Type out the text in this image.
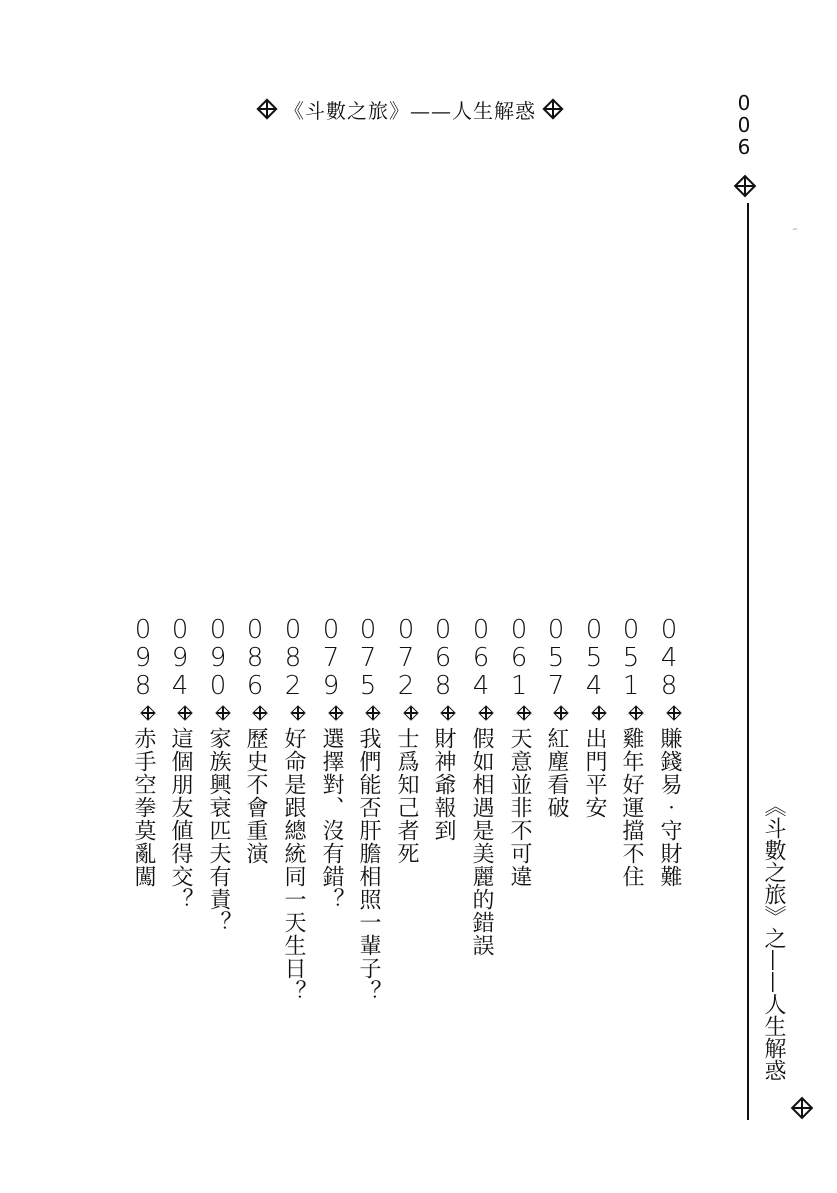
《斗數之旅》——人生解惑	0
0
6

《斗數之旅》之——人生解惑
⌁
048
賺錢易‧守財難
051
雞年好運擋不住
054
出門平安
057
紅塵看破
061
天意並非不可違
064
假如相遇是美麗的錯誤
068
財神爺報到
072
士爲知己者死
075
我們能否肝膽相照一輩子？
079
選擇對、沒有錯？
082
好命是跟總統同一天生日？
086
歷史不會重演
090
家族興衰匹夫有責？
094
這個朋友値得交？
098
赤手空拳莫亂闖
